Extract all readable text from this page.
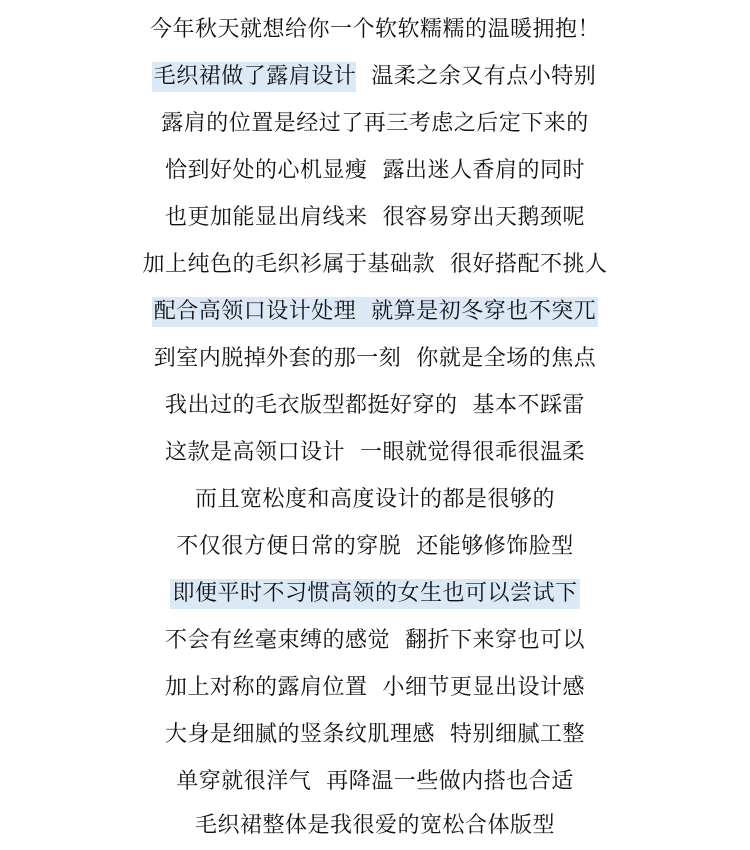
今年秋天就想给你一个软软糯糯的温暖拥抱！
毛织裙做了露肩设计 温柔之余又有点小特别
露肩的位置是经过了再三考虑之后定下来的
恰到好处的心机显瘦  露出迷人香肩的同时
也更加能显出肩线来  很容易穿出天鹅颈呢
加上纯色的毛织衫属于基础款  很好搭配不挑人
配合高领口设计处理  就算是初冬穿也不突兀
到室内脱掉外套的那一刻  你就是全场的焦点
我出过的毛衣版型都挺好穿的  基本不踩雷
这款是高领口设计  一眼就觉得很乖很温柔
而且宽松度和高度设计的都是很够的
不仅很方便日常的穿脱  还能够修饰脸型
即便平时不习惯高领的女生也可以尝试下
不会有丝毫束缚的感觉  翻折下来穿也可以
加上对称的露肩位置  小细节更显出设计感
大身是细腻的竖条纹肌理感  特别细腻工整
单穿就很洋气  再降温一些做内搭也合适
毛织裙整体是我很爱的宽松合体版型
